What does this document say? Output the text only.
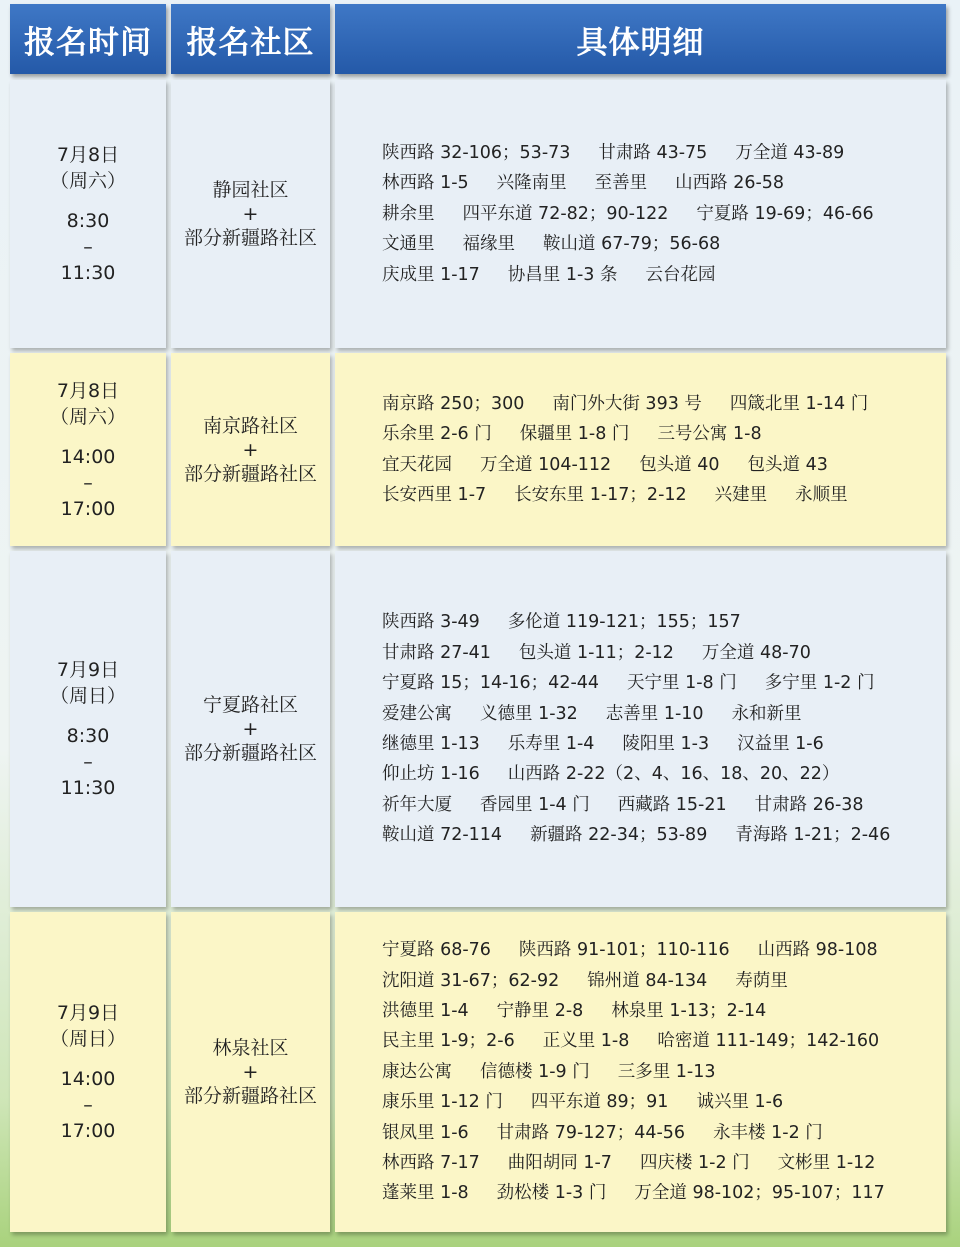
报名时间	报名社区	具体明细
7月8日
（周六）
8:30
–
11:30
静园社区
+
部分新疆路社区
陕西路 32-106；53-73 甘肃路 43-75 万全道 43-89
林西路 1-5 兴隆南里 至善里 山西路 26-58
耕余里 四平东道 72-82；90-122 宁夏路 19-69；46-66
文通里 福缘里 鞍山道 67-79；56-68
庆成里 1-17 协昌里 1-3 条 云台花园
7月8日
（周六）
14:00
–
17:00
南京路社区
+
部分新疆路社区
南京路 250；300 南门外大街 393 号 四箴北里 1-14 门
乐余里 2-6 门 保疆里 1-8 门 三号公寓 1-8
宜天花园 万全道 104-112 包头道 40 包头道 43
长安西里 1-7 长安东里 1-17；2-12 兴建里 永顺里
7月9日
（周日）
8:30
–
11:30
宁夏路社区
+
部分新疆路社区
陕西路 3-49 多伦道 119-121；155；157
甘肃路 27-41 包头道 1-11；2-12 万全道 48-70
宁夏路 15；14-16；42-44 天宁里 1-8 门 多宁里 1-2 门
爱建公寓 义德里 1-32 志善里 1-10 永和新里
继德里 1-13 乐寿里 1-4 陵阳里 1-3 汉益里 1-6
仰止坊 1-16 山西路 2-22（2、4、16、18、20、22）
祈年大厦 香园里 1-4 门 西藏路 15-21 甘肃路 26-38
鞍山道 72-114 新疆路 22-34；53-89 青海路 1-21；2-46
7月9日
（周日）
14:00
–
17:00
林泉社区
+
部分新疆路社区
宁夏路 68-76 陕西路 91-101；110-116 山西路 98-108
沈阳道 31-67；62-92 锦州道 84-134 寿荫里
洪德里 1-4 宁静里 2-8 林泉里 1-13；2-14
民主里 1-9；2-6 正义里 1-8 哈密道 111-149；142-160
康达公寓 信德楼 1-9 门 三多里 1-13
康乐里 1-12 门 四平东道 89；91 诚兴里 1-6
银凤里 1-6 甘肃路 79-127；44-56 永丰楼 1-2 门
林西路 7-17 曲阳胡同 1-7 四庆楼 1-2 门 文彬里 1-12
蓬莱里 1-8 劲松楼 1-3 门 万全道 98-102；95-107；117
